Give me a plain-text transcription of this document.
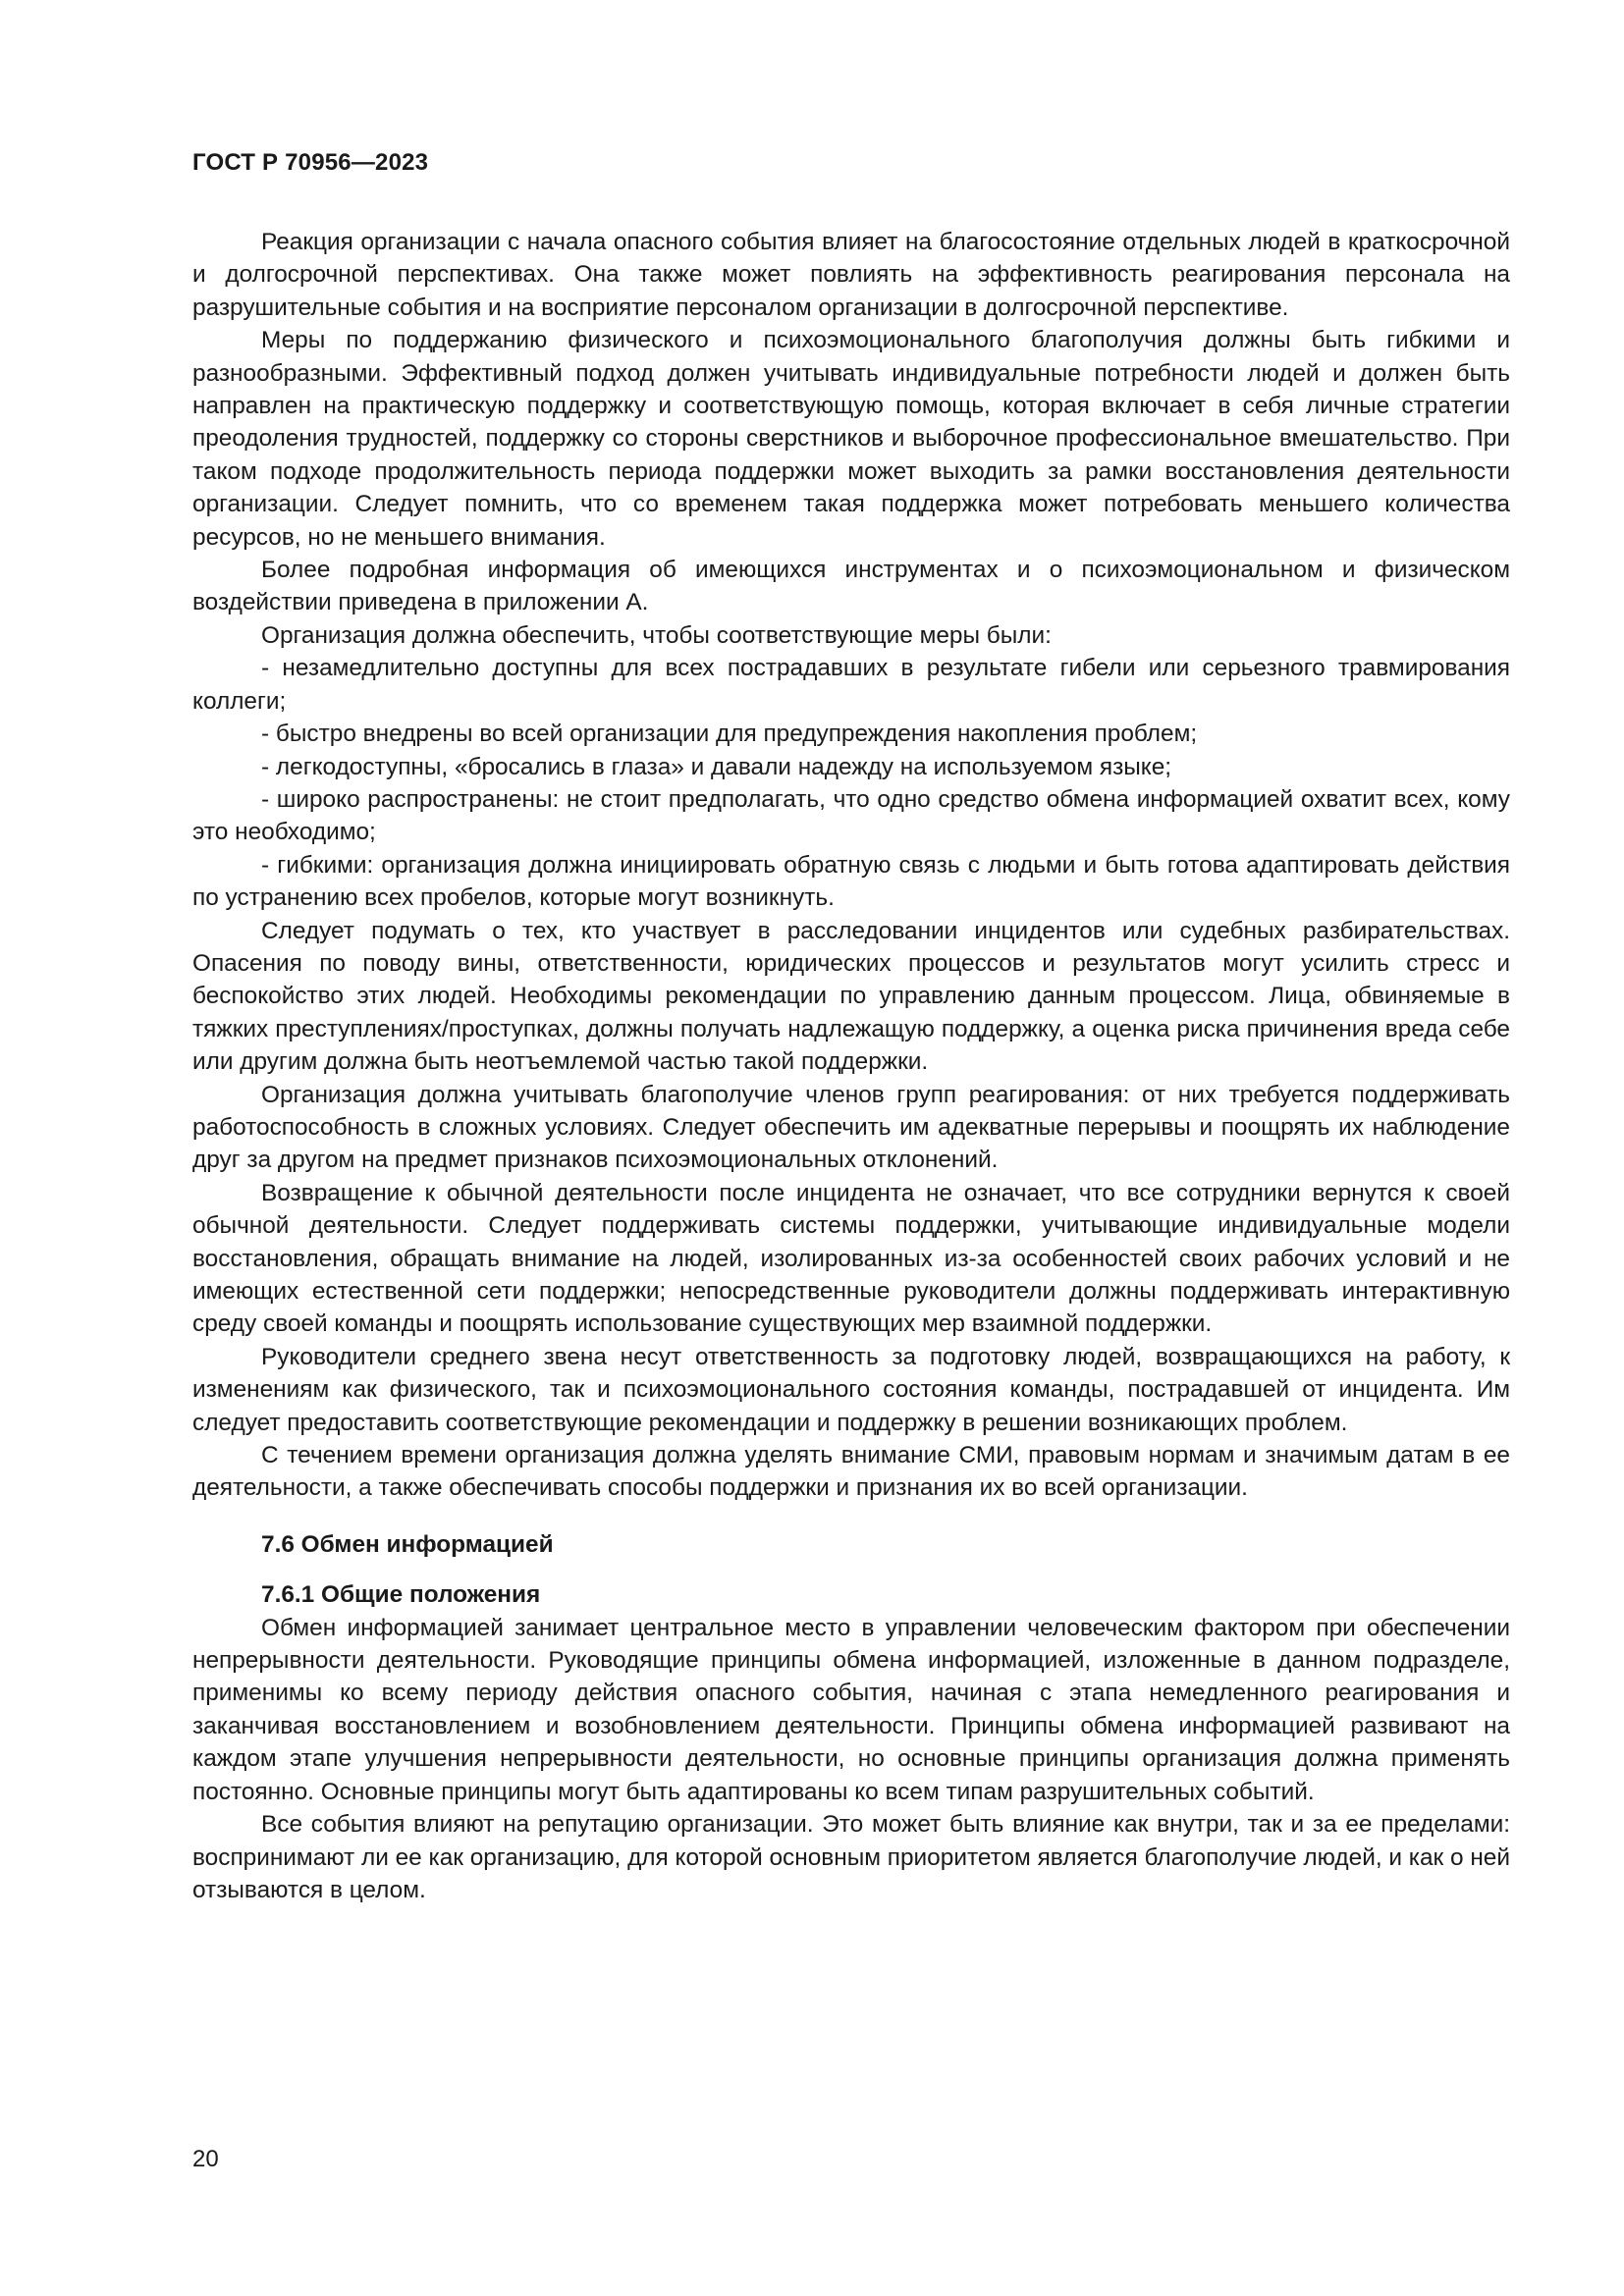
ГОСТ Р 70956—2023

Реакция организации с начала опасного события влияет на благосостояние отдельных людей в краткосрочной и долгосрочной перспективах. Она также может повлиять на эффективность реагирования персонала на разрушительные события и на восприятие персоналом организации в долгосрочной перспективе.

Меры по поддержанию физического и психоэмоционального благополучия должны быть гибкими и разнообразными. Эффективный подход должен учитывать индивидуальные потребности людей и должен быть направлен на практическую поддержку и соответствующую помощь, которая включает в себя личные стратегии преодоления трудностей, поддержку со стороны сверстников и выборочное профессиональное вмешательство. При таком подходе продолжительность периода поддержки может выходить за рамки восстановления деятельности организации. Следует помнить, что со временем такая поддержка может потребовать меньшего количества ресурсов, но не меньшего внимания.

Более подробная информация об имеющихся инструментах и о психоэмоциональном и физическом воздействии приведена в приложении А.

Организация должна обеспечить, чтобы соответствующие меры были:

- незамедлительно доступны для всех пострадавших в результате гибели или серьезного травмирования коллеги;

- быстро внедрены во всей организации для предупреждения накопления проблем;

- легкодоступны, «бросались в глаза» и давали надежду на используемом языке;

- широко распространены: не стоит предполагать, что одно средство обмена информацией охватит всех, кому это необходимо;

- гибкими: организация должна инициировать обратную связь с людьми и быть готова адаптировать действия по устранению всех пробелов, которые могут возникнуть.

Следует подумать о тех, кто участвует в расследовании инцидентов или судебных разбирательствах. Опасения по поводу вины, ответственности, юридических процессов и результатов могут усилить стресс и беспокойство этих людей. Необходимы рекомендации по управлению данным процессом. Лица, обвиняемые в тяжких преступлениях/проступках, должны получать надлежащую поддержку, а оценка риска причинения вреда себе или другим должна быть неотъемлемой частью такой поддержки.

Организация должна учитывать благополучие членов групп реагирования: от них требуется поддерживать работоспособность в сложных условиях. Следует обеспечить им адекватные перерывы и поощрять их наблюдение друг за другом на предмет признаков психоэмоциональных отклонений.

Возвращение к обычной деятельности после инцидента не означает, что все сотрудники вернутся к своей обычной деятельности. Следует поддерживать системы поддержки, учитывающие индивидуальные модели восстановления, обращать внимание на людей, изолированных из-за особенностей своих рабочих условий и не имеющих естественной сети поддержки; непосредственные руководители должны поддерживать интерактивную среду своей команды и поощрять использование существующих мер взаимной поддержки.

Руководители среднего звена несут ответственность за подготовку людей, возвращающихся на работу, к изменениям как физического, так и психоэмоционального состояния команды, пострадавшей от инцидента. Им следует предоставить соответствующие рекомендации и поддержку в решении возникающих проблем.

С течением времени организация должна уделять внимание СМИ, правовым нормам и значимым датам в ее деятельности, а также обеспечивать способы поддержки и признания их во всей организации.

7.6 Обмен информацией
7.6.1 Общие положения

Обмен информацией занимает центральное место в управлении человеческим фактором при обеспечении непрерывности деятельности. Руководящие принципы обмена информацией, изложенные в данном подразделе, применимы ко всему периоду действия опасного события, начиная с этапа немедленного реагирования и заканчивая восстановлением и возобновлением деятельности. Принципы обмена информацией развивают на каждом этапе улучшения непрерывности деятельности, но основные принципы организация должна применять постоянно. Основные принципы могут быть адаптированы ко всем типам разрушительных событий.

Все события влияют на репутацию организации. Это может быть влияние как внутри, так и за ее пределами: воспринимают ли ее как организацию, для которой основным приоритетом является благополучие людей, и как о ней отзываются в целом.

20
